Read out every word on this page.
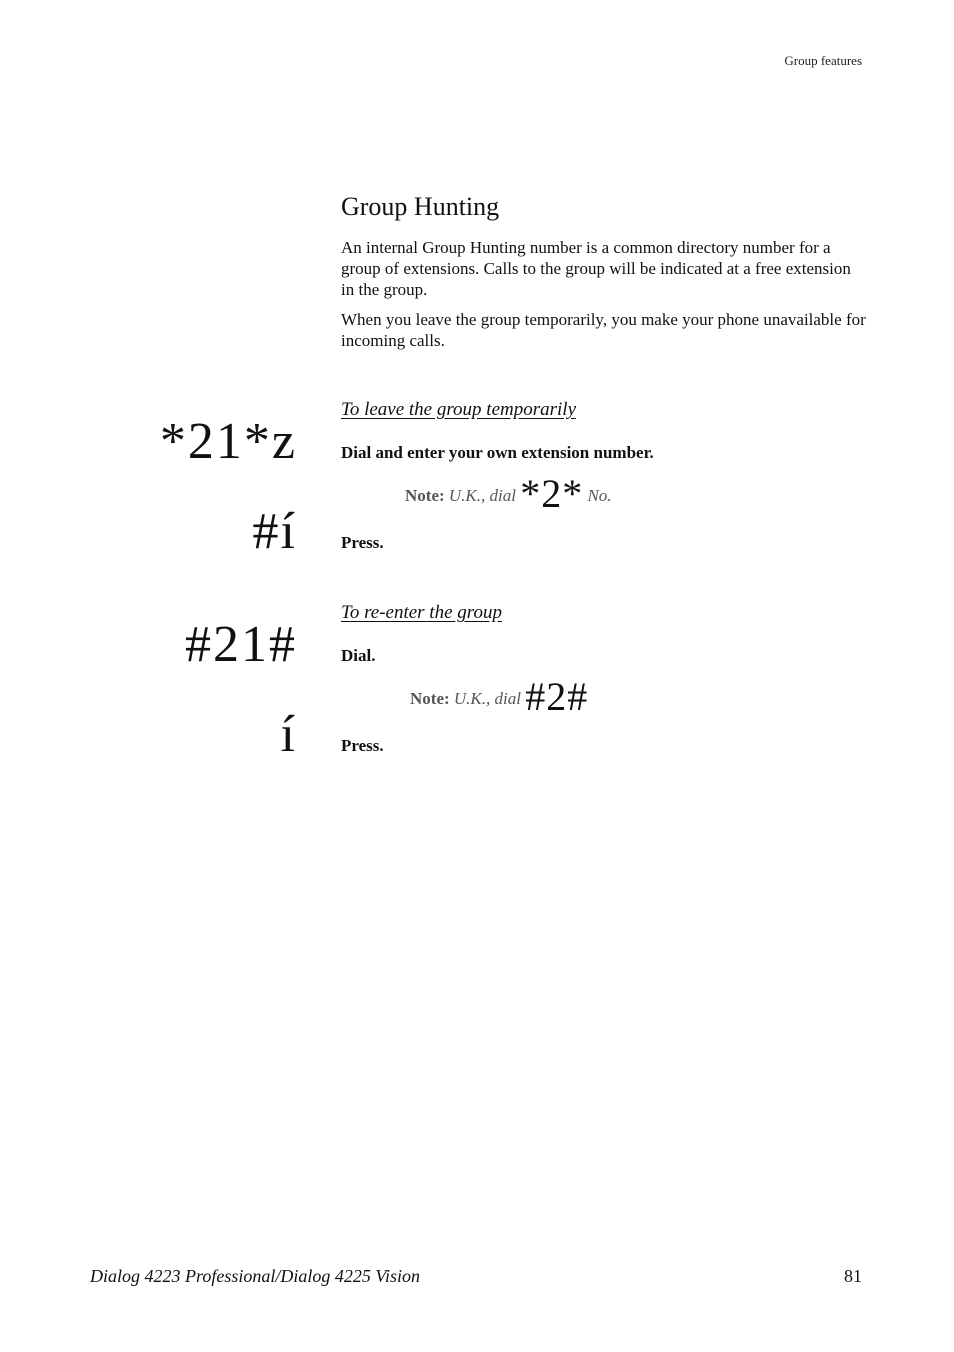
Group features
Group Hunting

An internal Group Hunting number is a common directory number for a group of extensions. Calls to the group will be indicated at a free extension in the group.

When you leave the group temporarily, you make your phone unavailable for incoming calls.

To leave the group temporarily
*21*z	Dial and enter your own extension number.
Note: U.K., dial *2* No.
#í	Press.
To re-enter the group
#21#	Dial.
Note: U.K., dial #2#
í	Press.
Dialog 4223 Professional/Dialog 4225 Vision	81
